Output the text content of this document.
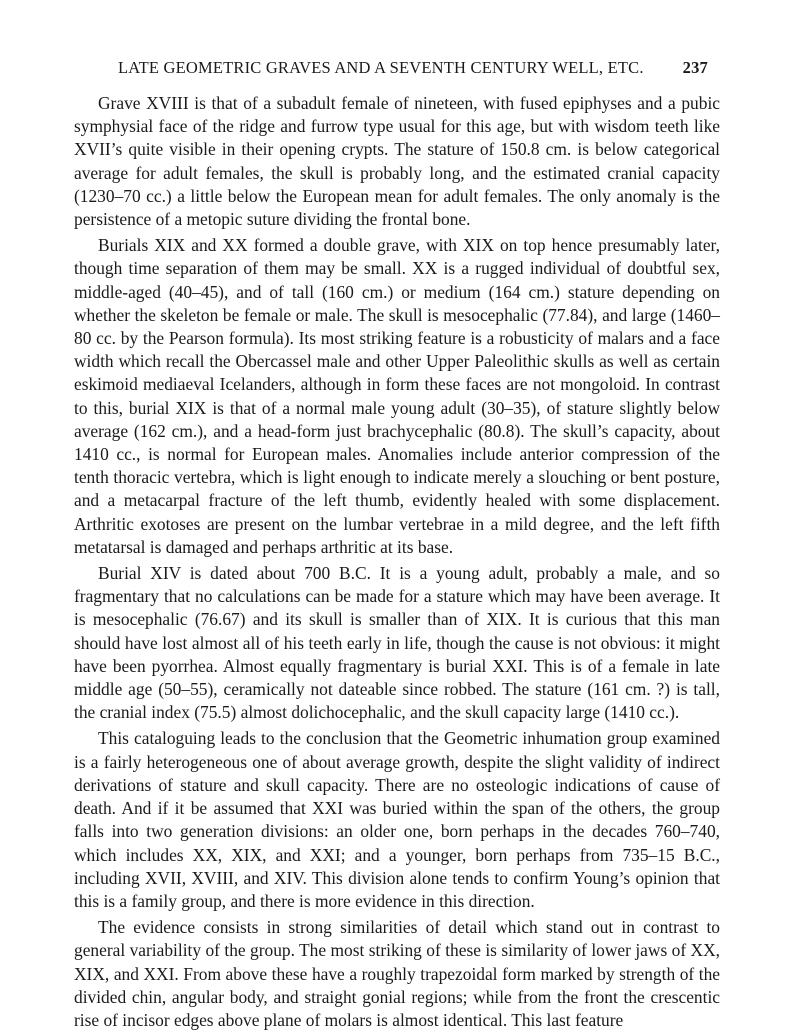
LATE GEOMETRIC GRAVES AND A SEVENTH CENTURY WELL, ETC. 237

Grave XVIII is that of a subadult female of nineteen, with fused epiphyses and a pubic symphysial face of the ridge and furrow type usual for this age, but with wisdom teeth like XVII’s quite visible in their opening crypts. The stature of 150.8 cm. is below categorical average for adult females, the skull is probably long, and the estimated cranial capacity (1230–70 cc.) a little below the European mean for adult females. The only anomaly is the persistence of a metopic suture dividing the frontal bone.

Burials XIX and XX formed a double grave, with XIX on top hence presumably later, though time separation of them may be small. XX is a rugged individual of doubtful sex, middle-aged (40–45), and of tall (160 cm.) or medium (164 cm.) stature depending on whether the skeleton be female or male. The skull is mesocephalic (77.84), and large (1460–80 cc. by the Pearson formula). Its most striking feature is a robusticity of malars and a face width which recall the Obercassel male and other Upper Paleolithic skulls as well as certain eskimoid mediaeval Icelanders, although in form these faces are not mongoloid. In contrast to this, burial XIX is that of a normal male young adult (30–35), of stature slightly below average (162 cm.), and a head-form just brachycephalic (80.8). The skull’s capacity, about 1410 cc., is normal for European males. Anomalies include anterior compression of the tenth thoracic vertebra, which is light enough to indicate merely a slouching or bent posture, and a metacarpal fracture of the left thumb, evidently healed with some displacement. Arthritic exotoses are present on the lumbar vertebrae in a mild degree, and the left fifth metatarsal is damaged and perhaps arthritic at its base.

Burial XIV is dated about 700 B.C. It is a young adult, probably a male, and so fragmentary that no calculations can be made for a stature which may have been average. It is mesocephalic (76.67) and its skull is smaller than of XIX. It is curious that this man should have lost almost all of his teeth early in life, though the cause is not obvious: it might have been pyorrhea. Almost equally fragmentary is burial XXI. This is of a female in late middle age (50–55), ceramically not dateable since robbed. The stature (161 cm. ?) is tall, the cranial index (75.5) almost dolichocephalic, and the skull capacity large (1410 cc.).

This cataloguing leads to the conclusion that the Geometric inhumation group examined is a fairly heterogeneous one of about average growth, despite the slight validity of indirect derivations of stature and skull capacity. There are no osteologic indications of cause of death. And if it be assumed that XXI was buried within the span of the others, the group falls into two generation divisions: an older one, born perhaps in the decades 760–740, which includes XX, XIX, and XXI; and a younger, born perhaps from 735–15 B.C., including XVII, XVIII, and XIV. This division alone tends to confirm Young’s opinion that this is a family group, and there is more evidence in this direction.

The evidence consists in strong similarities of detail which stand out in contrast to general variability of the group. The most striking of these is similarity of lower jaws of XX, XIX, and XXI. From above these have a roughly trapezoidal form marked by strength of the divided chin, angular body, and straight gonial regions; while from the front the crescentic rise of incisor edges above plane of molars is almost identical. This last feature
